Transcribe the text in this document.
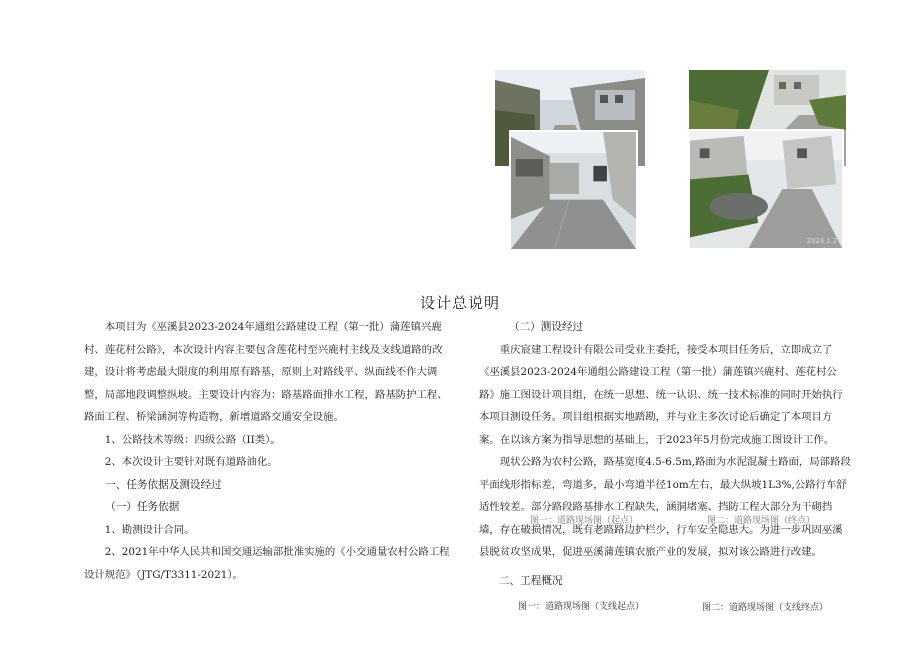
2024.1.2
设计总说明

本项目为《巫溪县2023-2024年通组公路建设工程（第一批）蒲莲镇兴鹿村、莲花村公路》，本次设计内容主要包含莲花村至兴鹿村主线及支线道路的改建，设计将考虑最大限度的利用原有路基，原则上对路线平、纵面线不作大调整，局部地段调整纵坡。主要设计内容为：路基路面排水工程，路基防护工程、路面工程、桥梁涵洞等构造物，新增道路交通安全设施。

1、公路技术等级：四级公路（II类）。

2、本次设计主要针对既有道路油化。

一、任务依据及测设经过

（一）任务依据

1、勘测设计合同。

2、2021年中华人民共和国交通运输部批准实施的《小交通量农村公路工程设计规范》（JTG/T3311-2021）。

（二）测设经过

重庆宸建工程设计有限公司受业主委托，接受本项目任务后，立即成立了《巫溪县2023-2024年通组公路建设工程（第一批）蒲莲镇兴鹿村、莲花村公路》施工图设计项目组，在统一思想、统一认识、统一技术标准的同时开始执行本项目测设任务。项目组根据实地踏勘，并与业主多次讨论后确定了本项目方案。在以该方案为指导思想的基础上，于2023年5月份完成施工图设计工作。

现状公路为农村公路，路基宽度4.5-6.5m,路面为水泥混凝土路面，局部路段平面线形指标差，弯道多，最小弯道半径1om左右，最大纵坡1L3%,公路行车舒适性较差。部分路段路基排水工程缺失，涵洞堵塞、挡防工程大部分为干砌挡墙，存在破损情况，既有老路路边护栏少，行车安全隐患大。为进一步巩固巫溪县脱贫攻坚成果，促进巫溪蒲莲镇农旅产业的发展，拟对该公路进行改建。

二、工程概况

图一：道路现场图（起点）	图二：道路现场图（终点）
图一：道路现场图（支线起点）	图二：道路现场图（支线终点）
